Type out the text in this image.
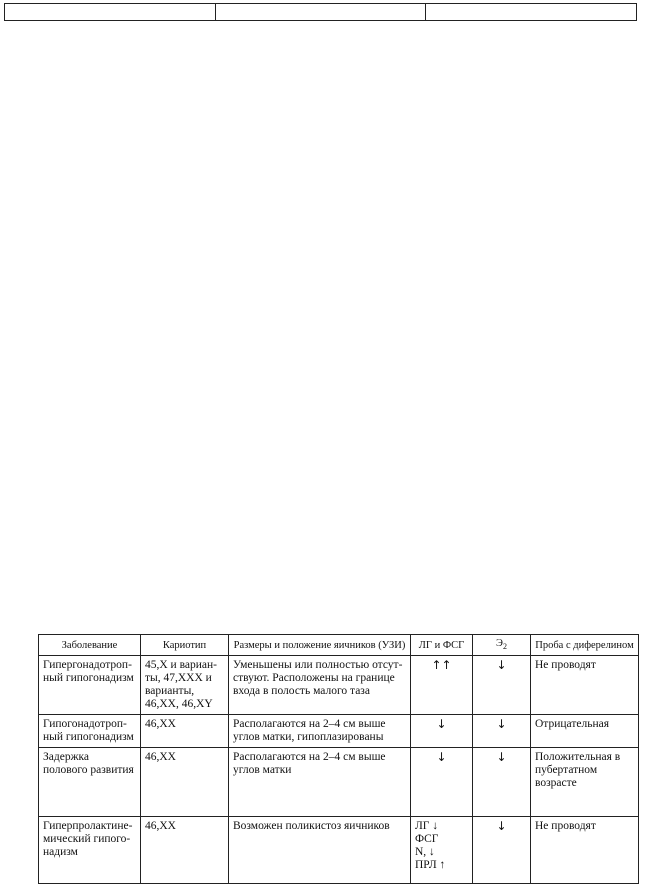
Заболевание	Кариотип	Размеры и положение яичников (УЗИ)	ЛГ и ФСГ	$Э_2$	Проба с диферелином
Гипергонадотроп-ный гипогонадизм	45,X и вариан-ты, 47,XXX и варианты, 46,XX, 46,XY	Уменьшены или полностью отсут-ствуют. Расположены на границе входа в полость малого таза	↑↑	↓	Не проводят
Гипогонадотроп-ный гипогонадизм	46,XX	Располагаются на 2–4 см выше углов матки, гипоплазированы	↓	↓	Отрицательная
Задержка полового развития	46,XX	Располагаются на 2–4 см выше углов матки	↓	↓	Положительная в пубертатном возрасте
Гиперпролактине-мический гипого-надизм	46,XX	Возможен поликистоз яичников	ЛГ ↓
ФСГ
N, ↓
ПРЛ ↑	↓	Не проводят
